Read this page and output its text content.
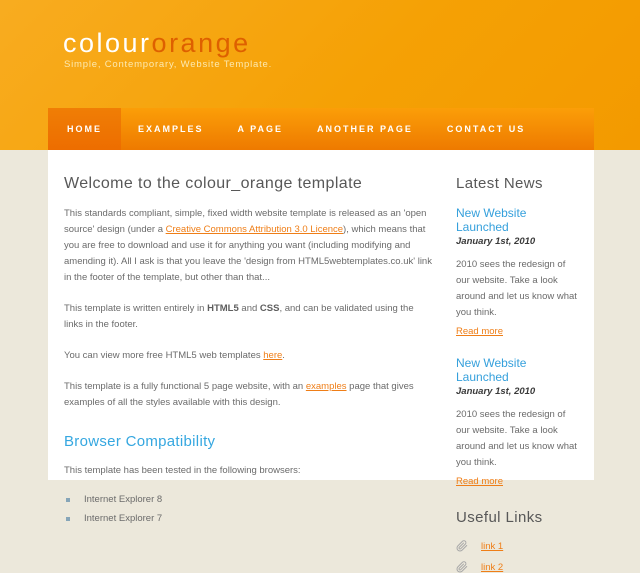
colourorange
Simple, Contemporary, Website Template.
HOME	EXAMPLES	A PAGE	ANOTHER PAGE	CONTACT US
Welcome to the colour_orange template

This standards compliant, simple, fixed width website template is released as an 'open source' design (under a Creative Commons Attribution 3.0 Licence), which means that you are free to download and use it for anything you want (including modifying and amending it). All I ask is that you leave the 'design from HTML5webtemplates.co.uk' link in the footer of the template, but other than that...

This template is written entirely in HTML5 and CSS, and can be validated using the links in the footer.

You can view more free HTML5 web templates here.

This template is a fully functional 5 page website, with an examples page that gives examples of all the styles available with this design.

Browser Compatibility

This template has been tested in the following browsers:

Internet Explorer 8
Internet Explorer 7
Latest News
New Website Launched
January 1st, 2010
2010 sees the redesign of our website. Take a look around and let us know what you think.
Read more
New Website Launched
January 1st, 2010
2010 sees the redesign of our website. Take a look around and let us know what you think.
Read more
Useful Links
link 1
link 2
